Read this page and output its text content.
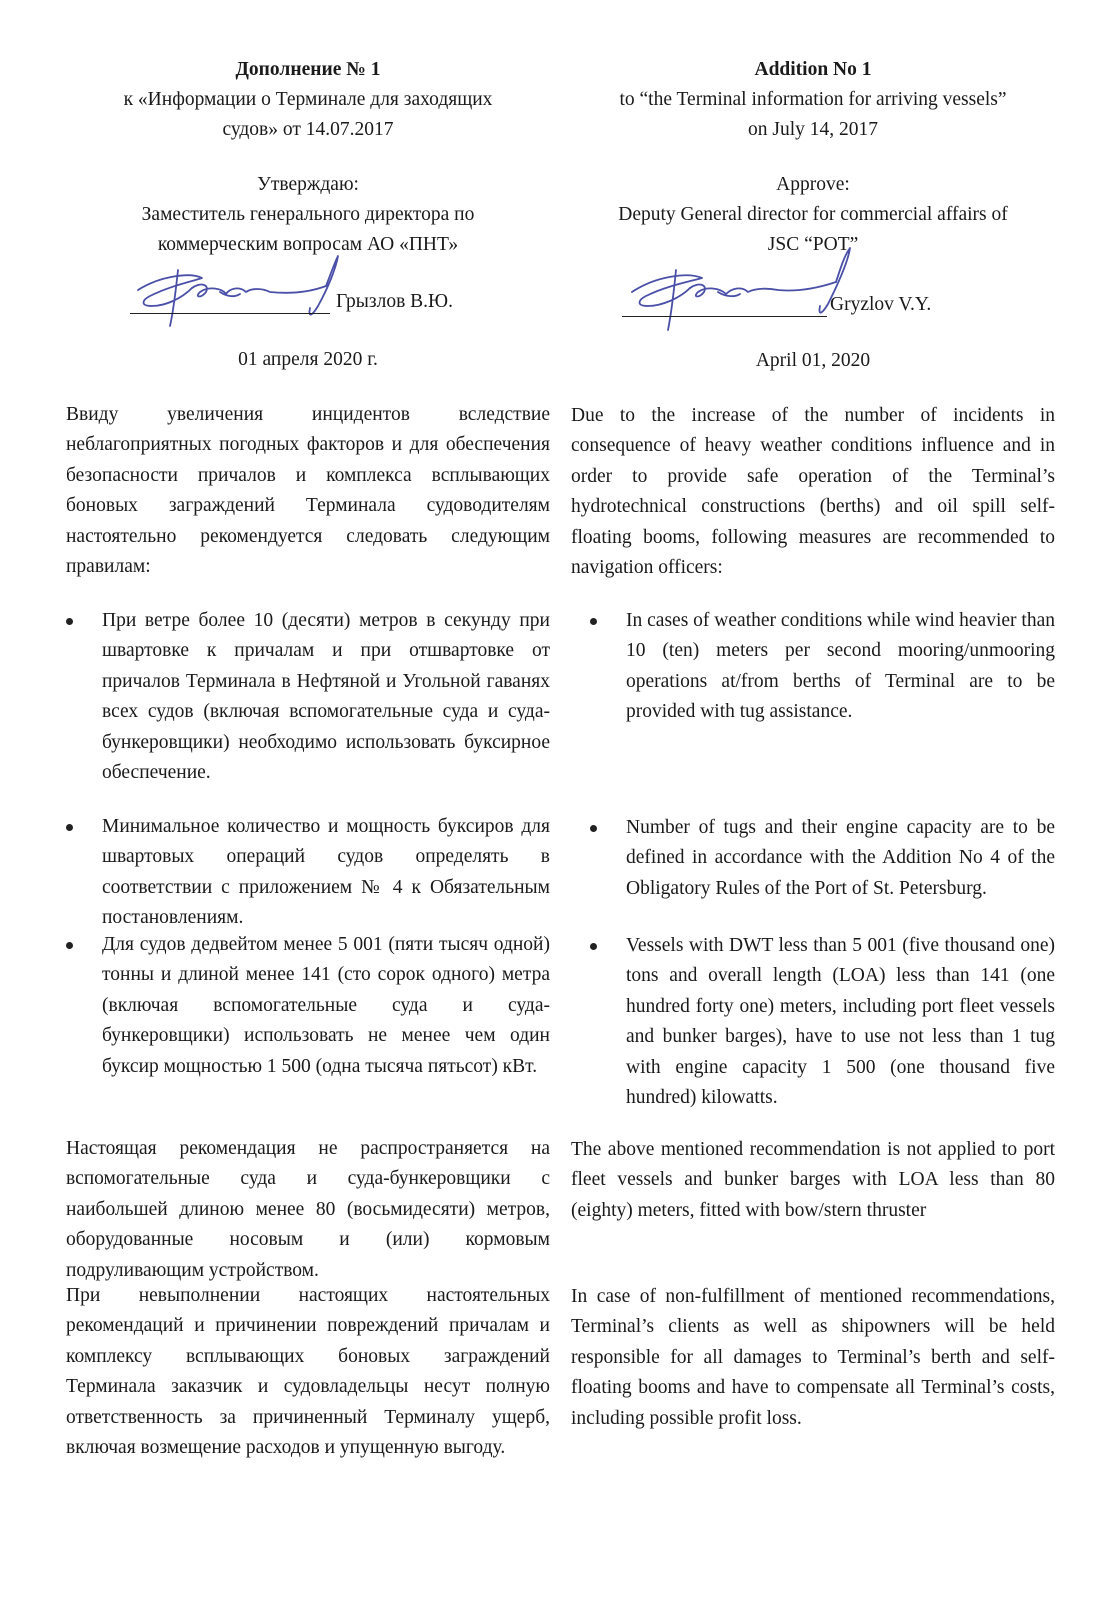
Дополнение № 1
к «Информации о Терминале для заходящих
судов» от 14.07.2017
Утверждаю:
Заместитель генерального директора по
коммерческим вопросам АО «ПНТ»
Грызлов В.Ю.
01 апреля 2020 г.

Ввиду увеличения инцидентов вследствие неблагоприятных погодных факторов и для обеспечения безопасности причалов и комплекса всплывающих боновых заграждений Терминала судоводителям настоятельно рекомендуется следовать следующим правилам:

При ветре более 10 (десяти) метров в секунду при швартовке к причалам и при отшвартовке от причалов Терминала в Нефтяной и Угольной гаванях всех судов (включая вспомогательные суда и суда-бункеровщики) необходимо использовать буксирное обеспечение.
Минимальное количество и мощность буксиров для швартовых операций судов определять в соответствии с приложением № 4 к Обязательным постановлениям.
Для судов дедвейтом менее 5 001 (пяти тысяч одной) тонны и длиной менее 141 (сто сорок одного) метра (включая вспомогательные суда и суда-бункеровщики) использовать не менее чем один буксир мощностью 1 500 (одна тысяча пятьсот) кВт.

Настоящая рекомендация не распространяется на вспомогательные суда и суда-бункеровщики с наибольшей длиною менее 80 (восьмидесяти) метров, оборудованные носовым и (или) кормовым подруливающим устройством.

При невыполнении настоящих настоятельных рекомендаций и причинении повреждений причалам и комплексу всплывающих боновых заграждений Терминала заказчик и судовладельцы несут полную ответственность за причиненный Терминалу ущерб, включая возмещение расходов и упущенную выгоду.

Addition No 1
to “the Terminal information for arriving vessels”
on July 14, 2017
Approve:
Deputy General director for commercial affairs of
JSC “POT”
Gryzlov V.Y.
April 01, 2020

Due to the increase of the number of incidents in consequence of heavy weather conditions influence and in order to provide safe operation of the Terminal’s hydrotechnical constructions (berths) and oil spill self-floating booms, following measures are recommended to navigation officers:

In cases of weather conditions while wind heavier than 10 (ten) meters per second mooring/unmooring operations at/from berths of Terminal are to be provided with tug assistance.
Number of tugs and their engine capacity are to be defined in accordance with the Addition No 4 of the Obligatory Rules of the Port of St. Petersburg.
Vessels with DWT less than 5 001 (five thousand one) tons and overall length (LOA) less than 141 (one hundred forty one) meters, including port fleet vessels and bunker barges), have to use not less than 1 tug with engine capacity 1 500 (one thousand five hundred) kilowatts.

The above mentioned recommendation is not applied to port fleet vessels and bunker barges with LOA less than 80 (eighty) meters, fitted with bow/stern thruster

In case of non-fulfillment of mentioned recommendations, Terminal’s clients as well as shipowners will be held responsible for all damages to Terminal’s berth and self-floating booms and have to compensate all Terminal’s costs, including possible profit loss.
